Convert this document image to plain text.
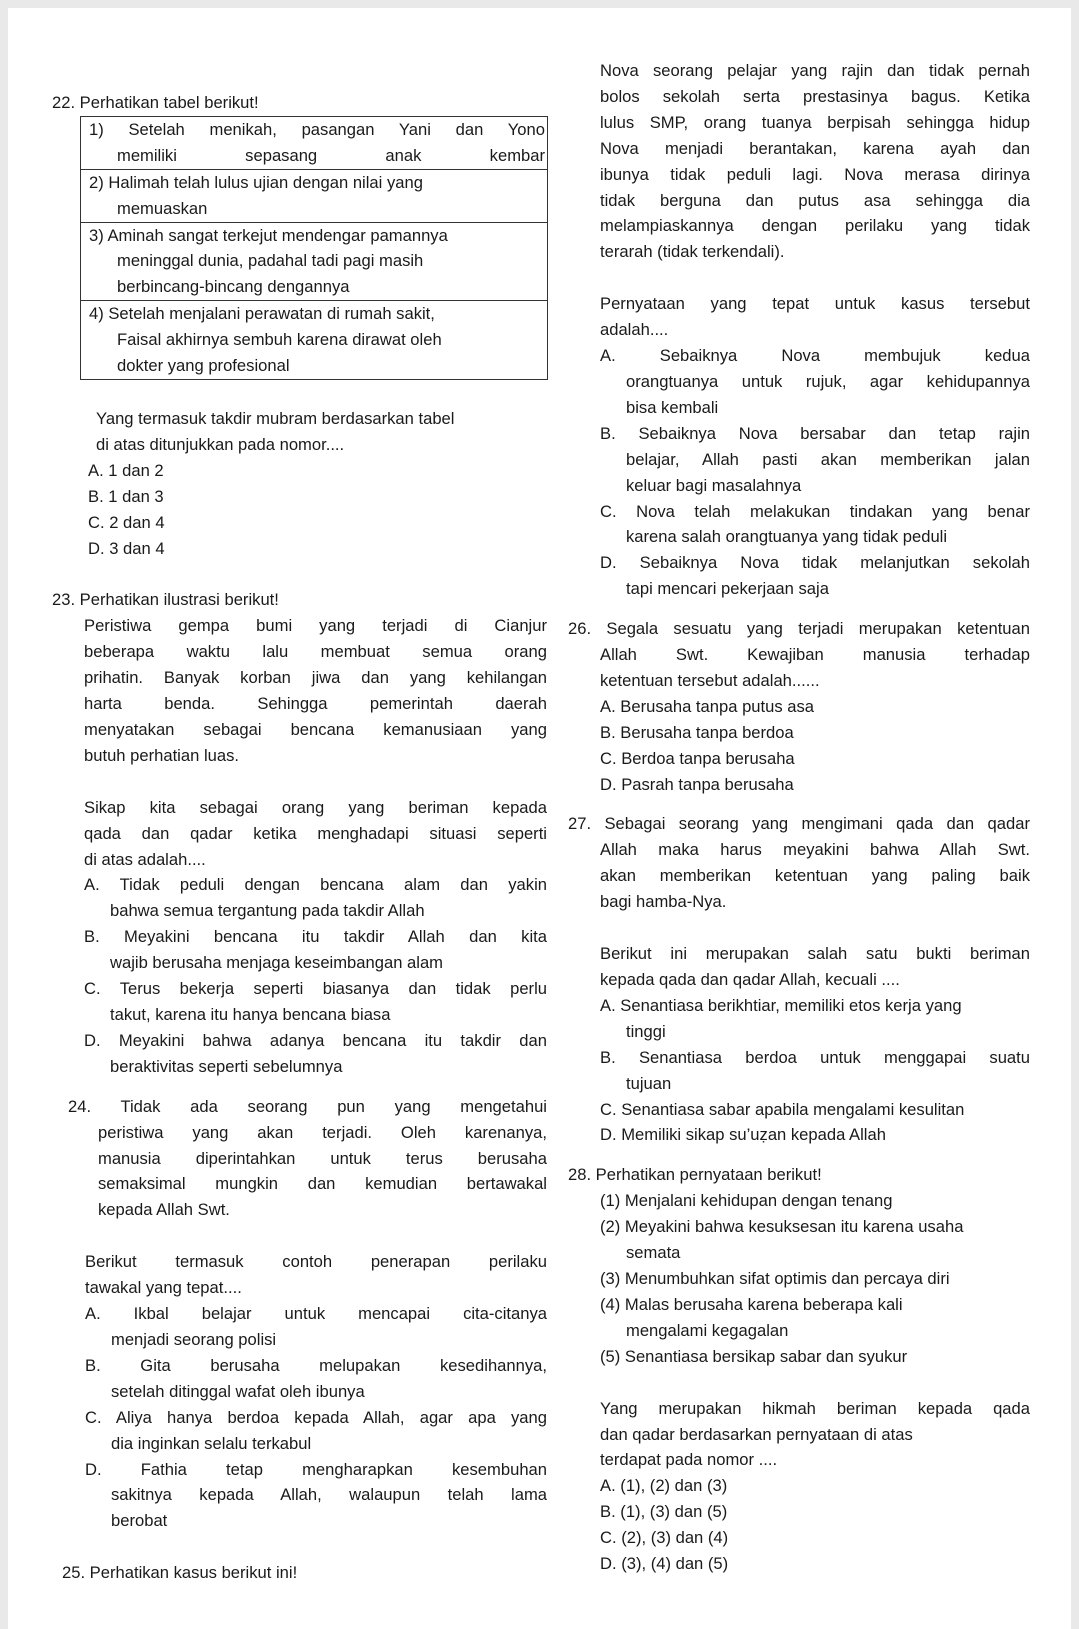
22. Perhatikan tabel berikut!

1) Setelah menikah, pasangan Yani dan Yono
memiliki sepasang anak kembar
2) Halimah telah lulus ujian dengan nilai yang
memuaskan
3) Aminah sangat terkejut mendengar pamannya
meninggal dunia, padahal tadi pagi masih
berbincang-bincang dengannya
4) Setelah menjalani perawatan di rumah sakit,
Faisal akhirnya sembuh karena dirawat oleh
dokter yang profesional

Yang termasuk takdir mubram berdasarkan tabel

di atas ditunjukkan pada nomor....

A. 1 dan 2

B. 1 dan 3

C. 2 dan 4

D. 3 dan 4

23. Perhatikan ilustrasi berikut!

Peristiwa gempa bumi yang terjadi di Cianjur

beberapa waktu lalu membuat semua orang

prihatin. Banyak korban jiwa dan yang kehilangan

harta benda. Sehingga pemerintah daerah

menyatakan sebagai bencana kemanusiaan yang

butuh perhatian luas.

Sikap kita sebagai orang yang beriman kepada

qada dan qadar ketika menghadapi situasi seperti

di atas adalah....

A. Tidak peduli dengan bencana alam dan yakin

bahwa semua tergantung pada takdir Allah

B. Meyakini bencana itu takdir Allah dan kita

wajib berusaha menjaga keseimbangan alam

C. Terus bekerja seperti biasanya dan tidak perlu

takut, karena itu hanya bencana biasa

D. Meyakini bahwa adanya bencana itu takdir dan

beraktivitas seperti sebelumnya

24. Tidak ada seorang pun yang mengetahui

peristiwa yang akan terjadi. Oleh karenanya,

manusia diperintahkan untuk terus berusaha

semaksimal mungkin dan kemudian bertawakal

kepada Allah Swt.

Berikut termasuk contoh penerapan perilaku

tawakal yang tepat....

A. Ikbal belajar untuk mencapai cita-citanya

menjadi seorang polisi

B. Gita berusaha melupakan kesedihannya,

setelah ditinggal wafat oleh ibunya

C. Aliya hanya berdoa kepada Allah, agar apa yang

dia inginkan selalu terkabul

D. Fathia tetap mengharapkan kesembuhan

sakitnya kepada Allah, walaupun telah lama

berobat

25. Perhatikan kasus berikut ini!

Nova seorang pelajar yang rajin dan tidak pernah

bolos sekolah serta prestasinya bagus. Ketika

lulus SMP, orang tuanya berpisah sehingga hidup

Nova menjadi berantakan, karena ayah dan

ibunya tidak peduli lagi. Nova merasa dirinya

tidak berguna dan putus asa sehingga dia

melampiaskannya dengan perilaku yang tidak

terarah (tidak terkendali).

Pernyataan yang tepat untuk kasus tersebut

adalah....

A. Sebaiknya Nova membujuk kedua

orangtuanya untuk rujuk, agar kehidupannya

bisa kembali

B. Sebaiknya Nova bersabar dan tetap rajin

belajar, Allah pasti akan memberikan jalan

keluar bagi masalahnya

C. Nova telah melakukan tindakan yang benar

karena salah orangtuanya yang tidak peduli

D. Sebaiknya Nova tidak melanjutkan sekolah

tapi mencari pekerjaan saja

26. Segala sesuatu yang terjadi merupakan ketentuan

Allah Swt. Kewajiban manusia terhadap

ketentuan tersebut adalah......

A. Berusaha tanpa putus asa

B. Berusaha tanpa berdoa

C. Berdoa tanpa berusaha

D. Pasrah tanpa berusaha

27. Sebagai seorang yang mengimani qada dan qadar

Allah maka harus meyakini bahwa Allah Swt.

akan memberikan ketentuan yang paling baik

bagi hamba-Nya.

Berikut ini merupakan salah satu bukti beriman

kepada qada dan qadar Allah, kecuali ....

A. Senantiasa berikhtiar, memiliki etos kerja yang

tinggi

B. Senantiasa berdoa untuk menggapai suatu

tujuan

C. Senantiasa sabar apabila mengalami kesulitan

D. Memiliki sikap su’uẓan kepada Allah

28. Perhatikan pernyataan berikut!

(1) Menjalani kehidupan dengan tenang

(2) Meyakini bahwa kesuksesan itu karena usaha

semata

(3) Menumbuhkan sifat optimis dan percaya diri

(4) Malas berusaha karena beberapa kali

mengalami kegagalan

(5) Senantiasa bersikap sabar dan syukur

Yang merupakan hikmah beriman kepada qada

dan qadar berdasarkan pernyataan di atas

terdapat pada nomor ....

A. (1), (2) dan (3)

B. (1), (3) dan (5)

C. (2), (3) dan (4)

D. (3), (4) dan (5)
